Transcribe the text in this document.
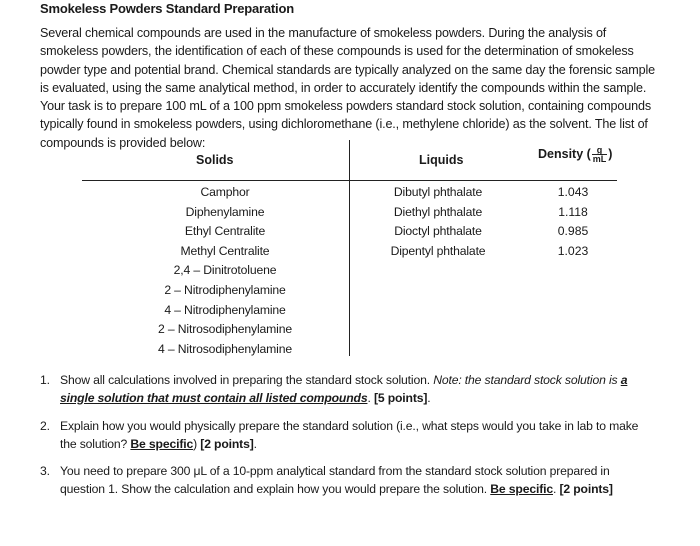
Smokeless Powders Standard Preparation
Several chemical compounds are used in the manufacture of smokeless powders. During the analysis of smokeless powders, the identification of each of these compounds is used for the determination of smokeless powder type and potential brand. Chemical standards are typically analyzed on the same day the forensic sample is evaluated, using the same analytical method, in order to accurately identify the compounds within the sample. Your task is to prepare 100 mL of a 100 ppm smokeless powders standard stock solution, containing compounds typically found in smokeless powders, using dichloromethane (i.e., methylene chloride) as the solvent. The list of compounds is provided below:
Solids	Liquids	Density ( $\frac{g}{mL}$ )
Camphor
Diphenylamine
Ethyl Centralite
Methyl Centralite
2,4 – Dinitrotoluene
2 – Nitrodiphenylamine
4 – Nitrodiphenylamine
2 – Nitrosodiphenylamine
4 – Nitrosodiphenylamine
Dibutyl phthalate
Diethyl phthalate
Dioctyl phthalate
Dipentyl phthalate
1.043
1.118
0.985
1.023
1. Show all calculations involved in preparing the standard stock solution. Note: the standard stock solution is a single solution that must contain all listed compounds. [5 points].
2. Explain how you would physically prepare the standard solution (i.e., what steps would you take in lab to make the solution? Be specific) [2 points].
3. You need to prepare 300 μL of a 10-ppm analytical standard from the standard stock solution prepared in question 1. Show the calculation and explain how you would prepare the solution. Be specific. [2 points]
